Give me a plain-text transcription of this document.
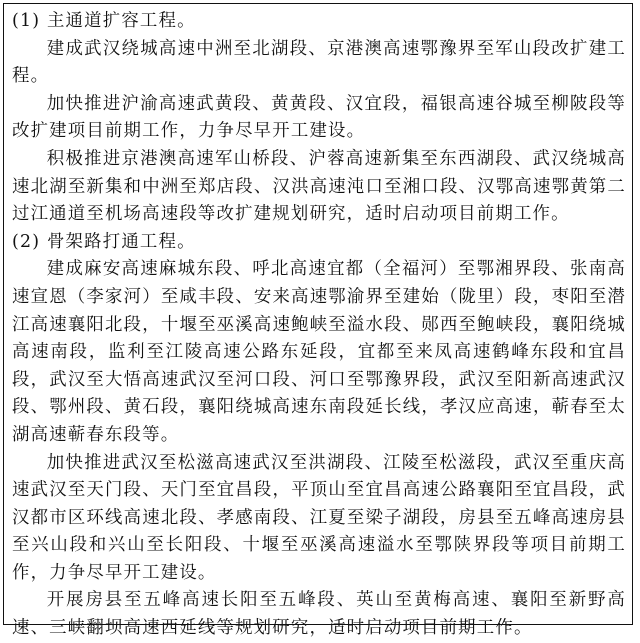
(1) 主通道扩容工程。

建成武汉绕城高速中洲至北湖段、京港澳高速鄂豫界至军山段改扩建工程。

加快推进沪渝高速武黄段、黄黄段、汉宜段，福银高速谷城至柳陂段等改扩建项目前期工作，力争尽早开工建设。

积极推进京港澳高速军山桥段、沪蓉高速新集至东西湖段、武汉绕城高速北湖至新集和中洲至郑店段、汉洪高速沌口至湘口段、汉鄂高速鄂黄第二过江通道至机场高速段等改扩建规划研究，适时启动项目前期工作。

(2) 骨架路打通工程。

建成麻安高速麻城东段、呼北高速宜都（全福河）至鄂湘界段、张南高速宣恩（李家河）至咸丰段、安来高速鄂渝界至建始（陇里）段，枣阳至潜江高速襄阳北段，十堰至巫溪高速鲍峡至溢水段、郧西至鲍峡段，襄阳绕城高速南段，监利至江陵高速公路东延段，宜都至来凤高速鹤峰东段和宜昌段，武汉至大悟高速武汉至河口段、河口至鄂豫界段，武汉至阳新高速武汉段、鄂州段、黄石段，襄阳绕城高速东南段延长线，孝汉应高速，蕲春至太湖高速蕲春东段等。

加快推进武汉至松滋高速武汉至洪湖段、江陵至松滋段，武汉至重庆高速武汉至天门段、天门至宜昌段，平顶山至宜昌高速公路襄阳至宜昌段，武汉都市区环线高速北段、孝感南段、江夏至梁子湖段，房县至五峰高速房县至兴山段和兴山至长阳段、十堰至巫溪高速溢水至鄂陕界段等项目前期工作，力争尽早开工建设。

开展房县至五峰高速长阳至五峰段、英山至黄梅高速、襄阳至新野高速、三峡翻坝高速西延线等规划研究，适时启动项目前期工作。
